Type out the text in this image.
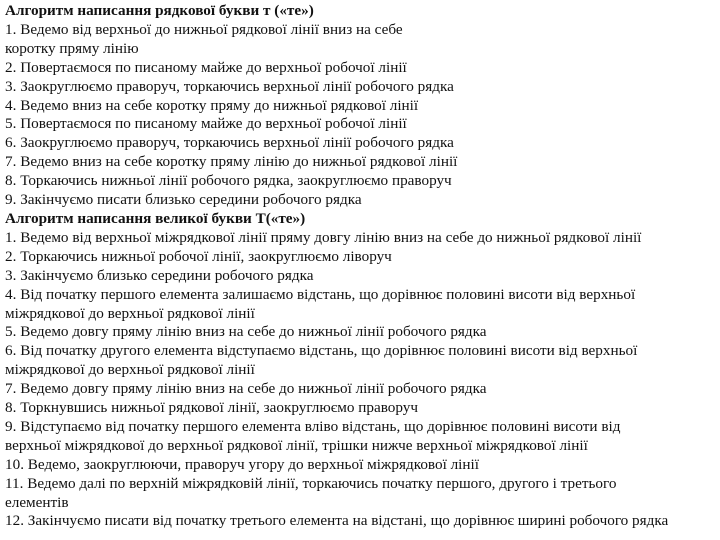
Алгоритм написання рядкової букви т («те»)
1. Ведемо від верхньої до нижньої рядкової лінії вниз на себе
коротку пряму лінію
2. Повертаємося по писаному майже до верхньої робочої лінії
3. Заокруглюємо праворуч, торкаючись верхньої лінії робочого рядка
4. Ведемо вниз на себе коротку пряму до нижньої рядкової лінії
5. Повертаємося по писаному майже до верхньої робочої лінії
6. Заокруглюємо праворуч, торкаючись верхньої лінії робочого рядка
7. Ведемо вниз на себе коротку пряму лінію до нижньої рядкової лінії
8. Торкаючись нижньої лінії робочого рядка, заокруглюємо праворуч
9. Закінчуємо писати близько середини робочого рядка
Алгоритм написання великої букви Т(«те»)
1. Ведемо від верхньої міжрядкової лінії пряму довгу лінію вниз на себе до нижньої рядкової лінії
2. Торкаючись нижньої робочої лінії, заокруглюємо ліворуч
3. Закінчуємо близько середини робочого рядка
4. Від початку першого елемента залишаємо відстань, що дорівнює половині висоти від верхньої
міжрядкової до верхньої рядкової лінії
5. Ведемо довгу пряму лінію вниз на себе до нижньої лінії робочого рядка
6. Від початку другого елемента відступаємо відстань, що дорівнює половині висоти від верхньої
міжрядкової до верхньої рядкової лінії
7. Ведемо довгу пряму лінію вниз на себе до нижньої лінії робочого рядка
8. Торкнувшись нижньої рядкової лінії, заокруглюємо праворуч
9. Відступаємо від початку першого елемента вліво відстань, що дорівнює половині висоти від
верхньої міжрядкової до верхньої рядкової лінії, трішки нижче верхньої міжрядкової лінії
10. Ведемо, заокруглюючи, праворуч угору до верхньої міжрядкової лінії
11. Ведемо далі по верхній міжрядковій лінії, торкаючись початку першого, другого і третього
елементів
12. Закінчуємо писати від початку третього елемента на відстані, що дорівнює ширині робочого рядка
